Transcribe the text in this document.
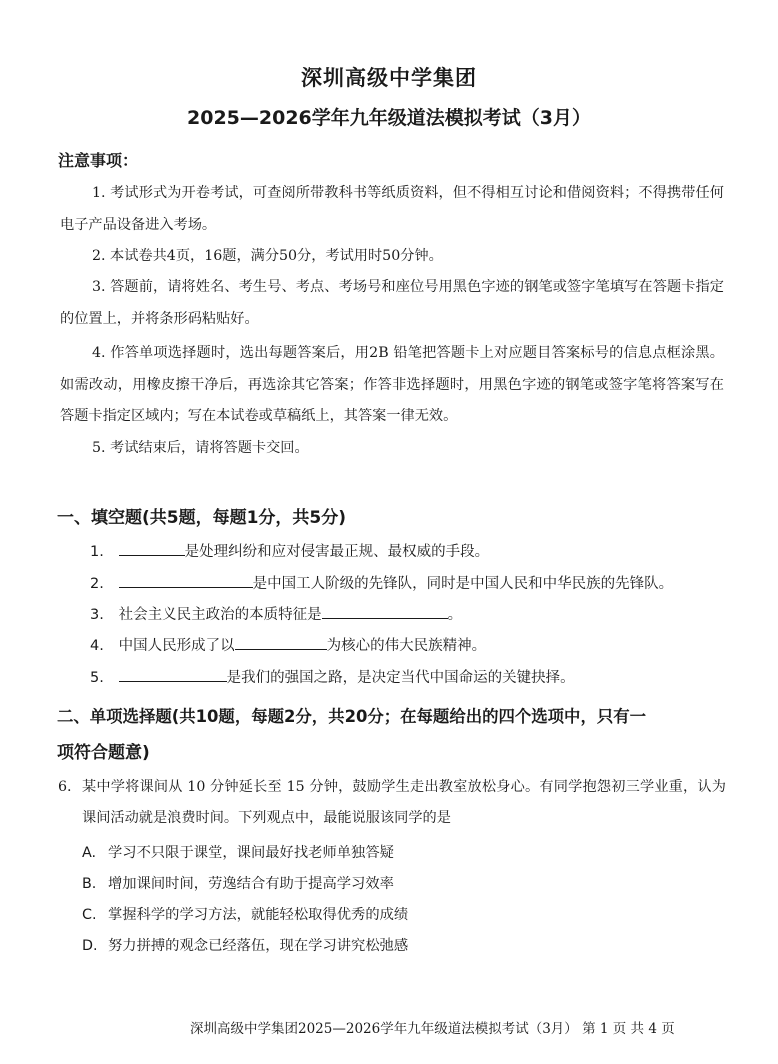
深圳高级中学集团
2025—2026学年九年级道法模拟考试（3月）
注意事项：
1. 考试形式为开卷考试，可查阅所带教科书等纸质资料，但不得相互讨论和借阅资料；不得携带任何电子产品设备进入考场。
2. 本试卷共4页，16题，满分50分，考试用时50分钟。
3. 答题前，请将姓名、考生号、考点、考场号和座位号用黑色字迹的钢笔或签字笔填写在答题卡指定的位置上，并将条形码粘贴好。
4. 作答单项选择题时，选出每题答案后，用2B 铅笔把答题卡上对应题目答案标号的信息点框涂黑。如需改动，用橡皮擦干净后，再选涂其它答案；作答非选择题时，用黑色字迹的钢笔或签字笔将答案写在答题卡指定区域内；写在本试卷或草稿纸上，其答案一律无效。
5. 考试结束后，请将答题卡交回。
一、填空题(共5题，每题1分，共5分)
1.	是处理纠纷和应对侵害最正规、最权威的手段。
2.	是中国工人阶级的先锋队，同时是中国人民和中华民族的先锋队。
3. 社会主义民主政治的本质特征是	。
4. 中国人民形成了以	为核心的伟大民族精神。
5.	是我们的强国之路，是决定当代中国命运的关键抉择。
二、单项选择题(共10题，每题2分，共20分；在每题给出的四个选项中，只有一
项符合题意)
6. 某中学将课间从 10 分钟延长至 15 分钟，鼓励学生走出教室放松身心。有同学抱怨初三学业重，认为课间活动就是浪费时间。下列观点中，最能说服该同学的是
A. 学习不只限于课堂，课间最好找老师单独答疑
B. 增加课间时间，劳逸结合有助于提高学习效率
C. 掌握科学的学习方法，就能轻松取得优秀的成绩
D. 努力拼搏的观念已经落伍，现在学习讲究松弛感
深圳高级中学集团2025—2026学年九年级道法模拟考试（3月） 第 1 页 共 4 页
